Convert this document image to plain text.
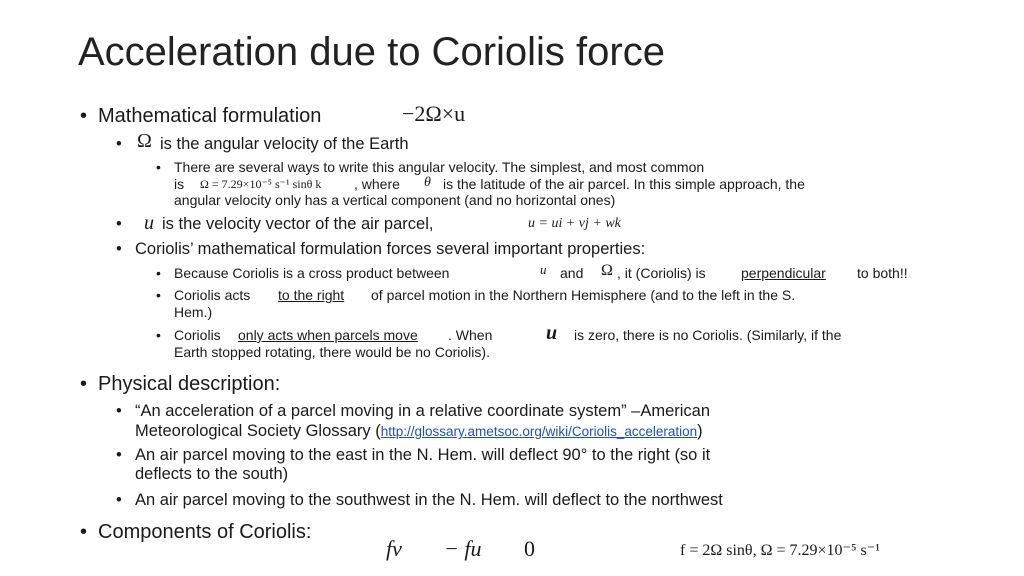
Acceleration due to Coriolis force
• Mathematical formulation	−2Ω×u
• Ω is the angular velocity of the Earth
• There are several ways to write this angular velocity. The simplest, and most common
is Ω = 7.29×10⁻⁵ s⁻¹ sinθ k , where θ is the latitude of the air parcel. In this simple approach, the
angular velocity only has a vertical component (and no horizontal ones)
• u is the velocity vector of the air parcel,	u = ui + vj + wk
• Coriolis’ mathematical formulation forces several important properties:
• Because Coriolis is a cross product between	u and Ω , it (Coriolis) is	perpendicular to both!!
• Coriolis acts to the right of parcel motion in the Northern Hemisphere (and to the left in the S.
Hem.)
• Coriolis only acts when parcels move . When	u is zero, there is no Coriolis. (Similarly, if the
Earth stopped rotating, there would be no Coriolis).
• Physical description:
• “An acceleration of a parcel moving in a relative coordinate system” –American
Meteorological Society Glossary (http://glossary.ametsoc.org/wiki/Coriolis_acceleration)
• An air parcel moving to the east in the N. Hem. will deflect 90° to the right (so it
deflects to the south)
• An air parcel moving to the southwest in the N. Hem. will deflect to the northwest
• Components of Coriolis:
fv − fu 0	f = 2Ω sinθ, Ω = 7.29×10⁻⁵ s⁻¹
